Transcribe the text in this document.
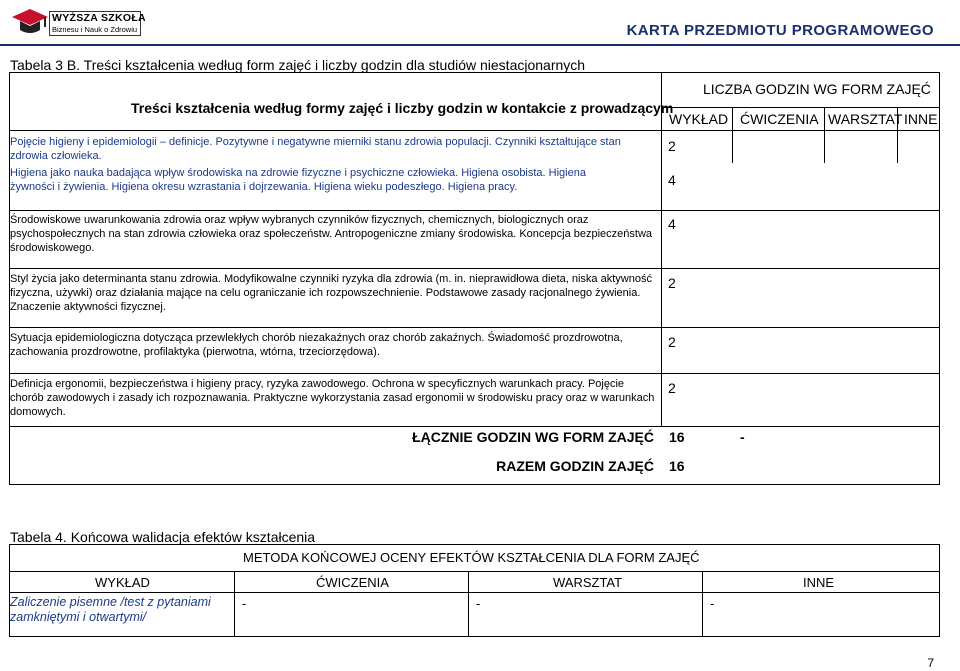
WYŻSZA SZKOŁA
Biznesu i Nauk o Zdrowiu	KARTA PRZEDMIOTU PROGRAMOWEGO
Tabela 3 B. Treści kształcenia według form zajęć i liczby godzin dla studiów niestacjonarnych
Treści kształcenia według formy zajęć i liczby godzin w kontakcie z prowadzącym
LICZBA GODZIN WG FORM ZAJĘĆ
WYKŁAD ĆWICZENIA WARSZTAT INNE
Pojęcie higieny i epidemiologii – definicje. Pozytywne i negatywne mierniki stanu zdrowia populacji. Czynniki kształtujące stan zdrowia człowieka.
2
Higiena jako nauka badająca wpływ środowiska na zdrowie fizyczne i psychiczne człowieka. Higiena osobista. Higiena żywności i żywienia. Higiena okresu wzrastania i dojrzewania. Higiena wieku podeszłego. Higiena pracy.	4
Środowiskowe uwarunkowania zdrowia oraz wpływ wybranych czynników fizycznych, chemicznych, biologicznych oraz psychospołecznych na stan zdrowia człowieka oraz społeczeństw. Antropogeniczne zmiany środowiska. Koncepcja bezpieczeństwa środowiskowego.
4
Styl życia jako determinanta stanu zdrowia. Modyfikowalne czynniki ryzyka dla zdrowia (m. in. nieprawidłowa dieta, niska aktywność fizyczna, używki) oraz działania mające na celu ograniczanie ich rozpowszechnienie. Podstawowe zasady racjonalnego żywienia. Znaczenie aktywności fizycznej.
2
Sytuacja epidemiologiczna dotycząca przewlekłych chorób niezakaźnych oraz chorób zakaźnych. Świadomość prozdrowotna, zachowania prozdrowotne, profilaktyka (pierwotna, wtórna, trzeciorzędowa).
2
Definicja ergonomii, bezpieczeństwa i higieny pracy, ryzyka zawodowego. Ochrona w specyficznych warunkach pracy. Pojęcie chorób zawodowych i zasady ich rozpoznawania. Praktyczne wykorzystania zasad ergonomii w środowisku pracy oraz w warunkach domowych.
2
ŁĄCZNIE GODZIN WG FORM ZAJĘĆ 16	-
RAZEM GODZIN ZAJĘĆ 16
Tabela 4. Końcowa walidacja efektów kształcenia
METODA KOŃCOWEJ OCENY EFEKTÓW KSZTAŁCENIA DLA FORM ZAJĘĆ
WYKŁAD	ĆWICZENIA	WARSZTAT	INNE
Zaliczenie pisemne /test z pytaniami zamkniętymi i otwartymi/
-	-	-
7
